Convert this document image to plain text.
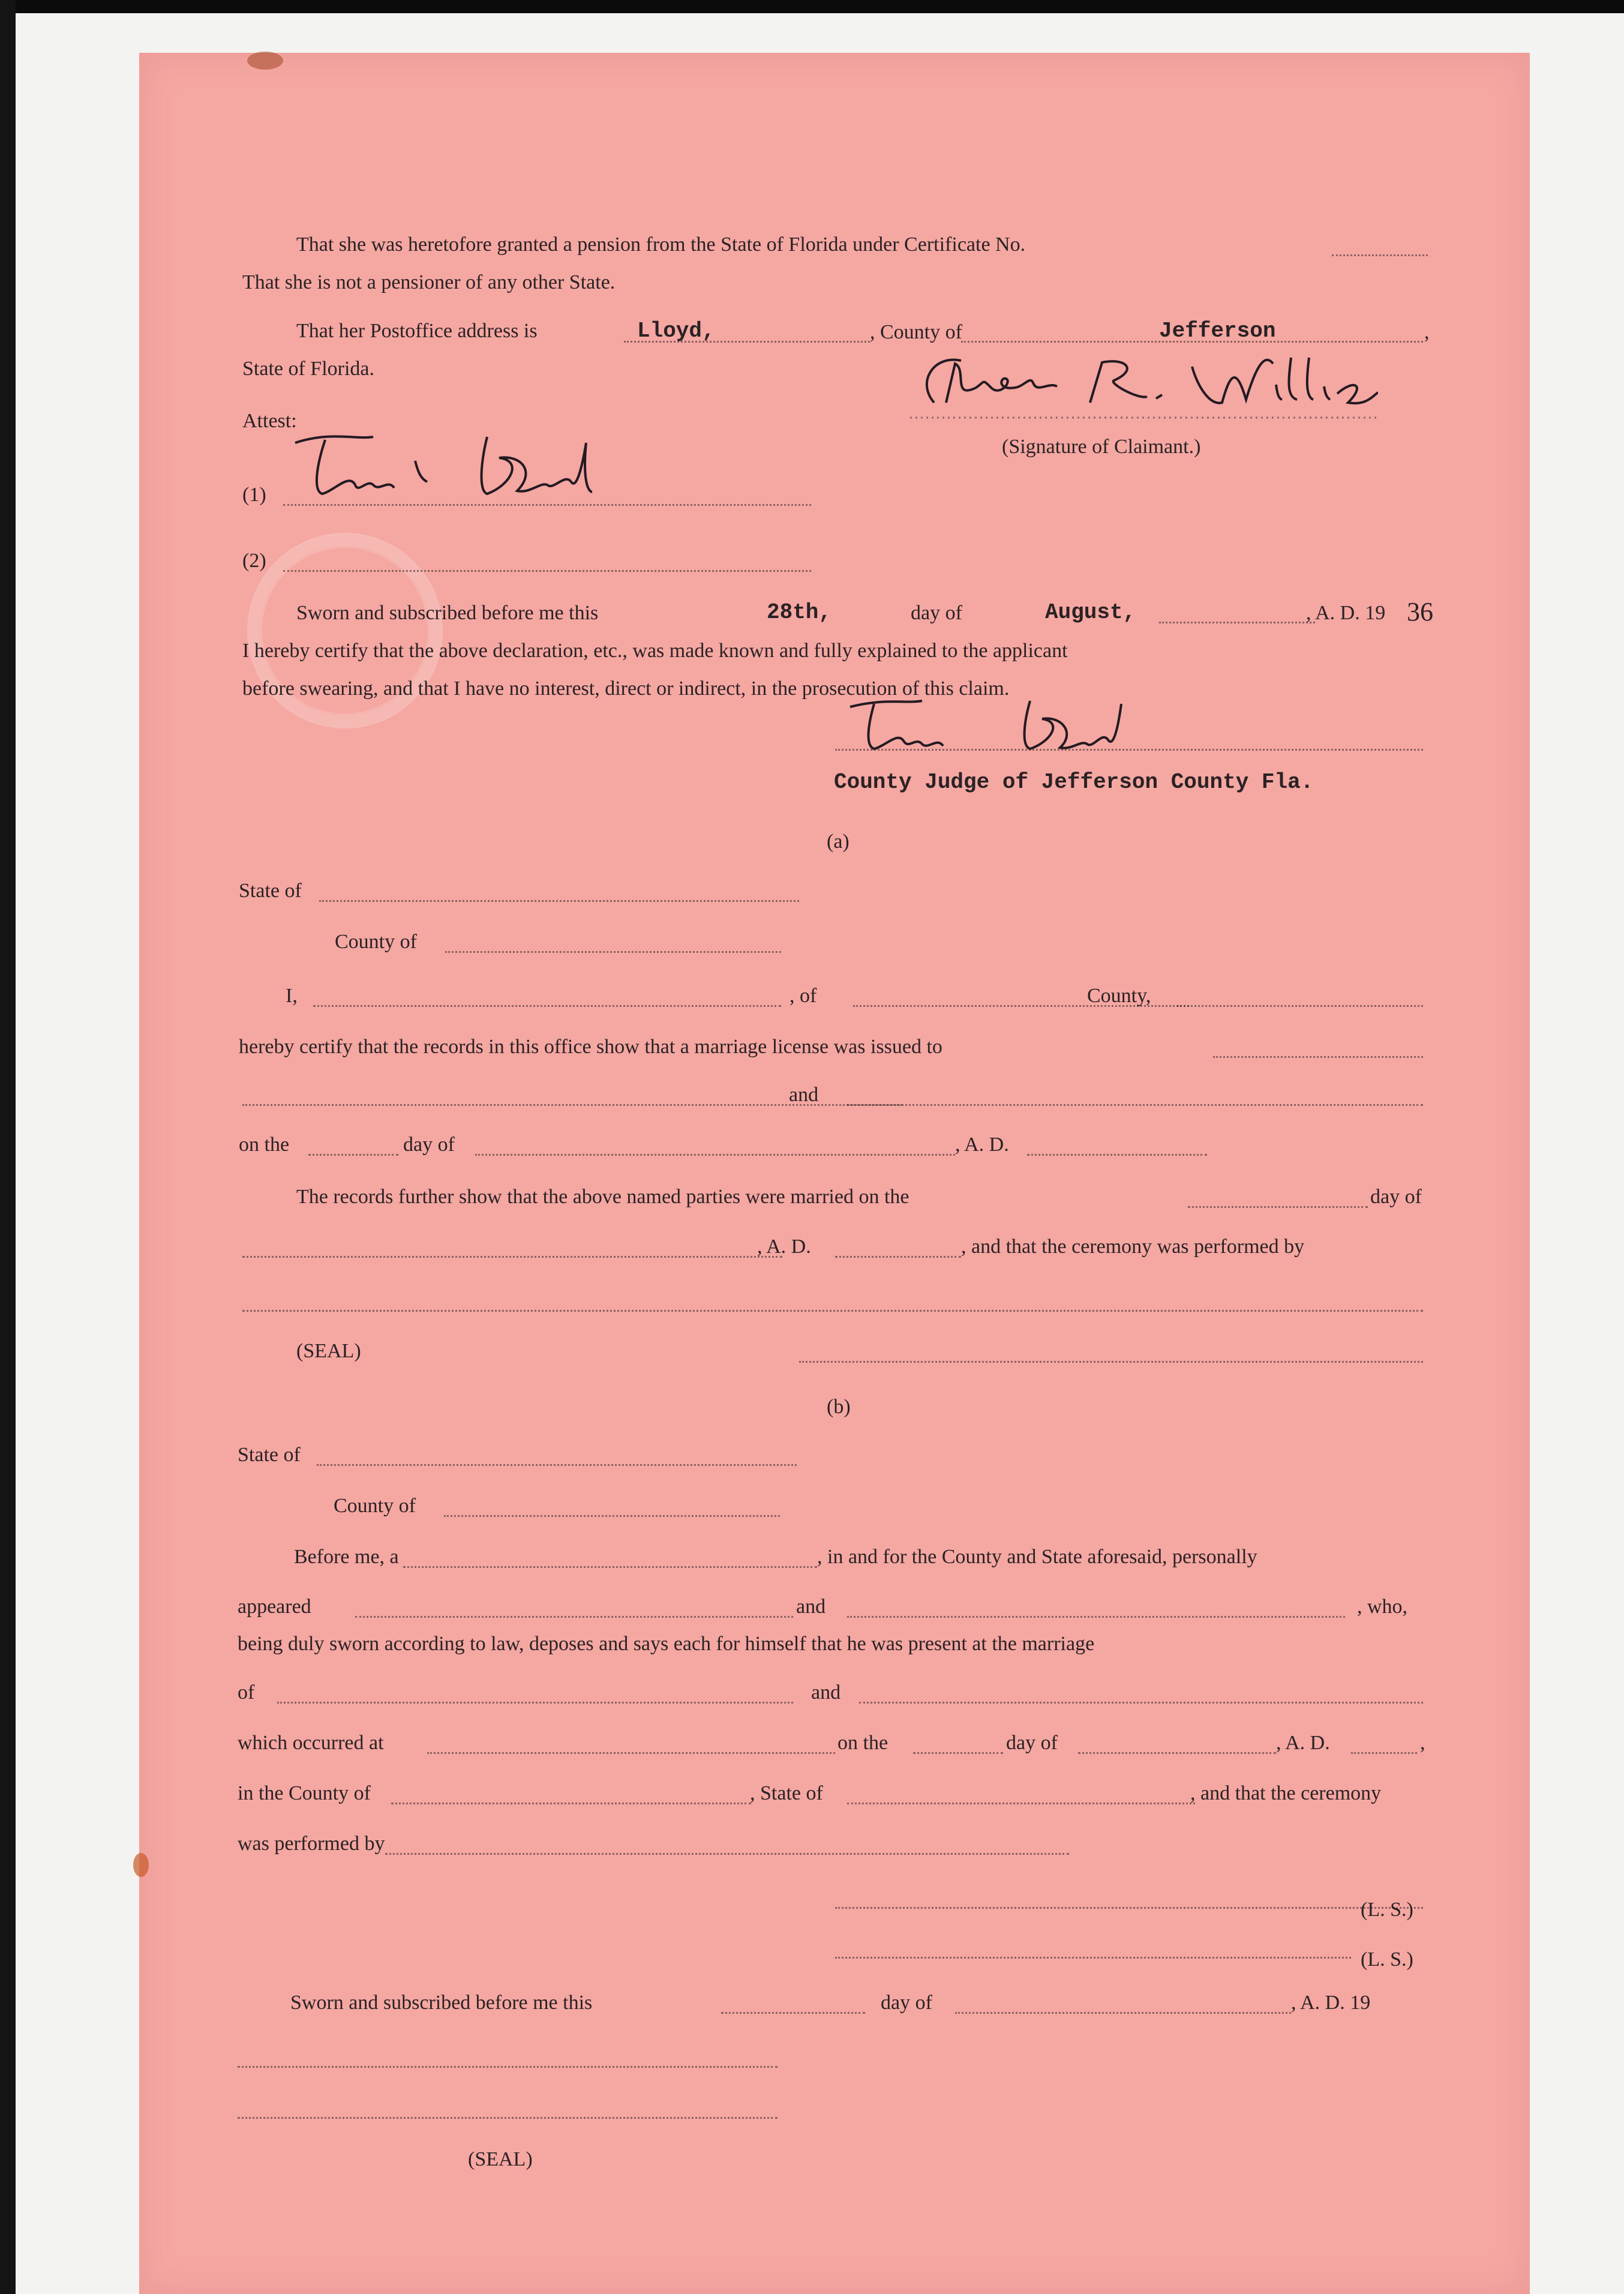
That she was heretofore granted a pension from the State of Florida under Certificate No.
That she is not a pensioner of any other State.
That her Postoffice address is	Lloyd,	, County of	Jefferson	,
State of Florida.
Attest:
(Signature of Claimant.)
(1)
(2)
Sworn and subscribed before me this	28th,	day of	August,	, A. D. 19 36
I hereby certify that the above declaration, etc., was made known and fully explained to the applicant
before swearing, and that I have no interest, direct or indirect, in the prosecution of this claim.
County Judge of Jefferson County Fla.
(a)
State of
County of
I,	, of	County,
hereby certify that the records in this office show that a marriage license was issued to
and
on the	day of	, A. D.
The records further show that the above named parties were married on the	day of
, A. D.	, and that the ceremony was performed by
(SEAL)
(b)
State of
County of
Before me, a	, in and for the County and State aforesaid, personally
appeared	and	, who,
being duly sworn according to law, deposes and says each for himself that he was present at the marriage
of	and
which occurred at	on the	day of	, A. D.	,
in the County of	, State of	, and that the ceremony
was performed by
(L. S.)
(L. S.)
Sworn and subscribed before me this	day of	, A. D. 19
(SEAL)
